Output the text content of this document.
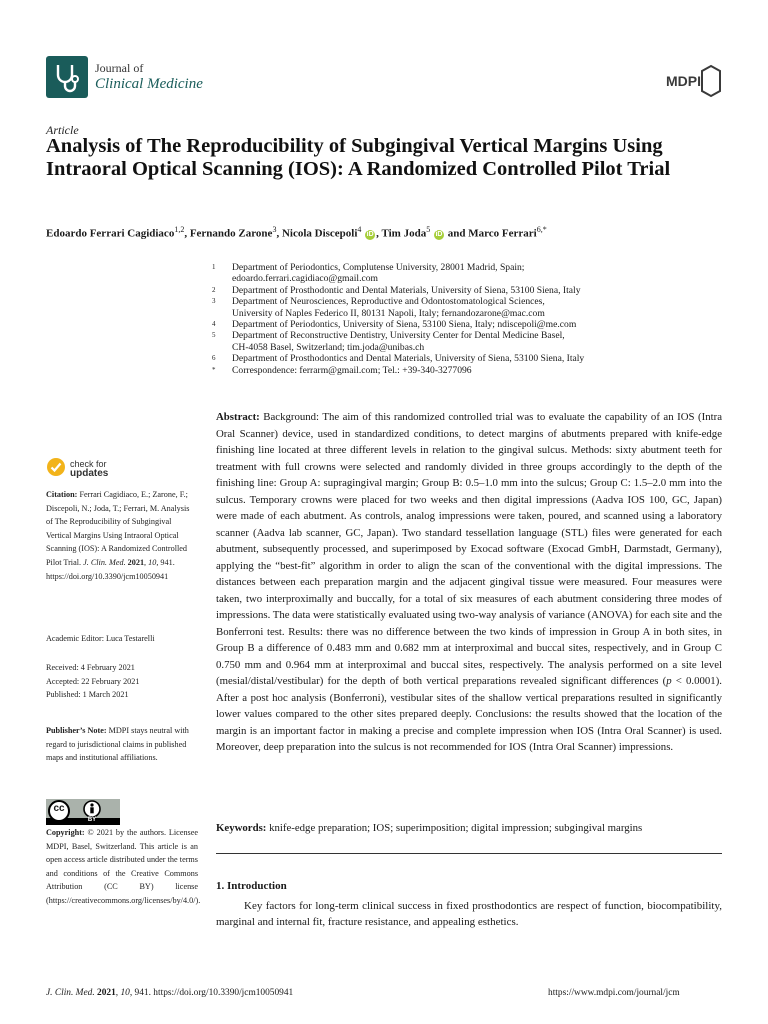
Journal of
Clinical Medicine	MDPI
Article
Analysis of The Reproducibility of Subgingival Vertical Margins Using Intraoral Optical Scanning (IOS): A Randomized Controlled Pilot Trial
Edoardo Ferrari Cagidiaco$^{1,2}$, Fernando Zarone$^3$, Nicola Discepoli$^4$ iD , Tim Joda$^5$ iD and Marco Ferrari$^{6,*}$
1	Department of Periodontics, Complutense University, 28001 Madrid, Spain;
edoardo.ferrari.cagidiaco@gmail.com
2	Department of Prosthodontic and Dental Materials, University of Siena, 53100 Siena, Italy
3	Department of Neurosciences, Reproductive and Odontostomatological Sciences,
University of Naples Federico II, 80131 Napoli, Italy; fernandozarone@mac.com
4	Department of Periodontics, University of Siena, 53100 Siena, Italy; ndiscepoli@me.com
5	Department of Reconstructive Dentistry, University Center for Dental Medicine Basel,
CH-4058 Basel, Switzerland; tim.joda@unibas.ch
6	Department of Prosthodontics and Dental Materials, University of Siena, 53100 Siena, Italy
*	Correspondence: ferrarm@gmail.com; Tel.: +39-340-3277096
Abstract: Background: The aim of this randomized controlled trial was to evaluate the capability of an IOS (Intra Oral Scanner) device, used in standardized conditions, to detect margins of abutments prepared with knife-edge finishing line located at three different levels in relation to the gingival sulcus. Methods: sixty abutment teeth for treatment with full crowns were selected and randomly divided in three groups accordingly to the depth of the finishing line: Group A: supragingival margin; Group B: 0.5–1.0 mm into the sulcus; Group C: 1.5–2.0 mm into the sulcus. Temporary crowns were placed for two weeks and then digital impressions (Aadva IOS 100, GC, Japan) were made of each abutment. As controls, analog impressions were taken, poured, and scanned using a laboratory scanner (Aadva lab scanner, GC, Japan). Two standard tessellation language (STL) files were generated for each abutment, subsequently processed, and superimposed by Exocad software (Exocad GmbH, Darmstadt, Germany), applying the “best-fit” algorithm in order to align the scan of the conventional with the digital impressions. The distances between each preparation margin and the adjacent gingival tissue were measured. Four measures were taken, two interproximally and buccally, for a total of six measures of each abutment considering three modes of impressions. The data were statistically evaluated using two-way analysis of variance (ANOVA) for each site and the Bonferroni test. Results: there was no difference between the two kinds of impression in Group A in both sites, in Group B a difference of 0.483 mm and 0.682 mm at interproximal and buccal sites, respectively, and in Group C 0.750 mm and 0.964 mm at interproximal and buccal sites, respectively. The analysis performed on a site level (mesial/distal/vestibular) for the depth of both vertical preparations revealed significant differences (p < 0.0001). After a post hoc analysis (Bonferroni), vestibular sites of the shallow vertical preparations resulted in significantly lower values compared to the other sites prepared deeply. Conclusions: the results showed that the location of the margin is an important factor in making a precise and complete impression when IOS (Intra Oral Scanner) is used. Moreover, deep preparation into the sulcus is not recommended for IOS (Intra Oral Scanner) impressions.
Keywords: knife-edge preparation; IOS; superimposition; digital impression; subgingival margins
1. Introduction
Key factors for long-term clinical success in fixed prosthodontics are respect of function, biocompatibility, marginal and internal fit, fracture resistance, and appealing esthetics.
check for
updates
Citation: Ferrari Cagidiaco, E.; Zarone, F.; Discepoli, N.; Joda, T.; Ferrari, M. Analysis of The Reproducibility of Subgingival Vertical Margins Using Intraoral Optical Scanning (IOS): A Randomized Controlled Pilot Trial. J. Clin. Med. 2021, 10, 941. https://doi.org/10.3390/jcm10050941
Academic Editor: Luca Testarelli
Received: 4 February 2021
Accepted: 22 February 2021
Published: 1 March 2021
Publisher’s Note: MDPI stays neutral with regard to jurisdictional claims in published maps and institutional affiliations.
cc
BY
Copyright: © 2021 by the authors. Licensee MDPI, Basel, Switzerland. This article is an open access article distributed under the terms and conditions of the Creative Commons Attribution (CC BY) license (https://creativecommons.org/licenses/by/4.0/).
J. Clin. Med. 2021, 10, 941. https://doi.org/10.3390/jcm10050941	https://www.mdpi.com/journal/jcm
